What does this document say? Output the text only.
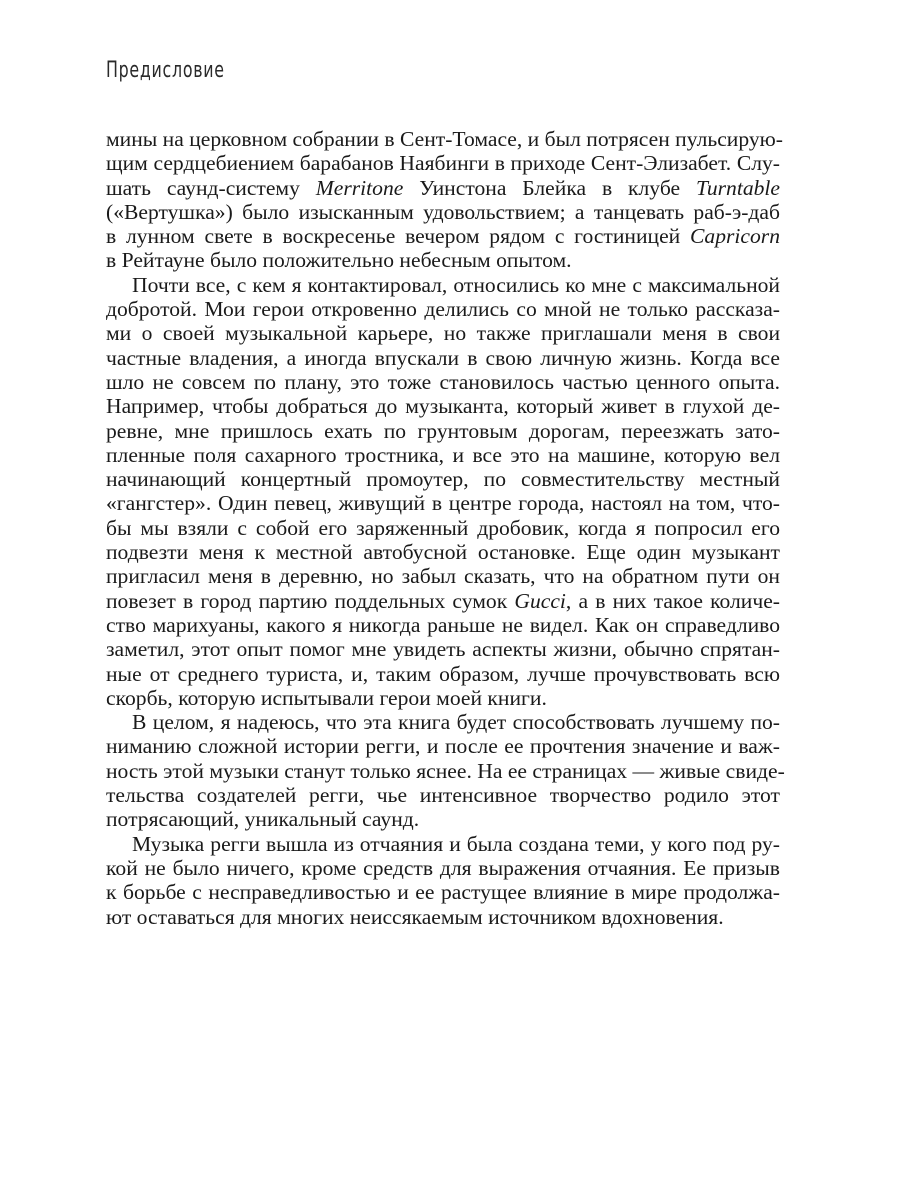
Предисловие
мины на церковном собрании в Сент-Томасе, и был потрясен пульсирую-
щим сердцебиением барабанов Наябинги в приходе Сент-Элизабет. Слу-
шать саунд-систему Merritone Уинстона Блейка в клубе Turntable
(«Вертушка») было изысканным удовольствием; а танцевать раб-э-даб
в лунном свете в воскресенье вечером рядом с гостиницей Capricorn
в Рейтауне было положительно небесным опытом.
Почти все, с кем я контактировал, относились ко мне с максимальной
добротой. Мои герои откровенно делились со мной не только рассказа-
ми о своей музыкальной карьере, но также приглашали меня в свои
частные владения, а иногда впускали в свою личную жизнь. Когда все
шло не совсем по плану, это тоже становилось частью ценного опыта.
Например, чтобы добраться до музыканта, который живет в глухой де-
ревне, мне пришлось ехать по грунтовым дорогам, переезжать зато-
пленные поля сахарного тростника, и все это на машине, которую вел
начинающий концертный промоутер, по совместительству местный
«гангстер». Один певец, живущий в центре города, настоял на том, что-
бы мы взяли с собой его заряженный дробовик, когда я попросил его
подвезти меня к местной автобусной остановке. Еще один музыкант
пригласил меня в деревню, но забыл сказать, что на обратном пути он
повезет в город партию поддельных сумок Gucci, а в них такое количе-
ство марихуаны, какого я никогда раньше не видел. Как он справедливо
заметил, этот опыт помог мне увидеть аспекты жизни, обычно спрятан-
ные от среднего туриста, и, таким образом, лучше прочувствовать всю
скорбь, которую испытывали герои моей книги.
В целом, я надеюсь, что эта книга будет способствовать лучшему по-
ниманию сложной истории регги, и после ее прочтения значение и важ-
ность этой музыки станут только яснее. На ее страницах — живые свиде-
тельства создателей регги, чье интенсивное творчество родило этот
потрясающий, уникальный саунд.
Музыка регги вышла из отчаяния и была создана теми, у кого под ру-
кой не было ничего, кроме средств для выражения отчаяния. Ее призыв
к борьбе с несправедливостью и ее растущее влияние в мире продолжа-
ют оставаться для многих неиссякаемым источником вдохновения.
